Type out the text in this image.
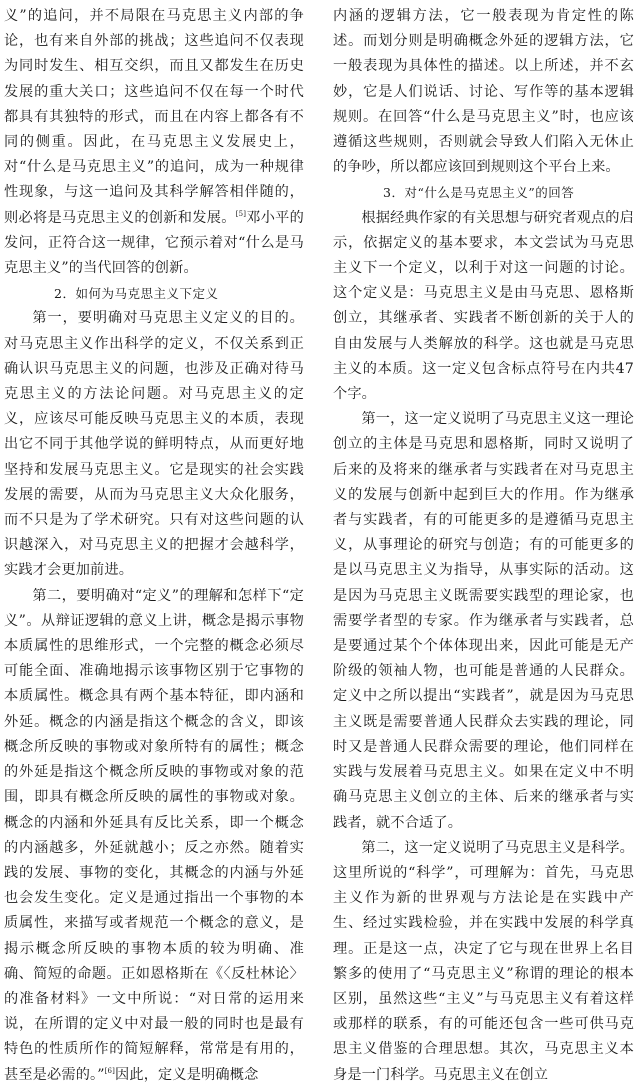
义”的追问，并不局限在马克思主义内部的争论，也有来自外部的挑战；这些追问不仅表现为同时发生、相互交织，而且又都发生在历史发展的重大关口；这些追问不仅在每一个时代都具有其独特的形式，而且在内容上都各有不同的侧重。因此，在马克思主义发展史上，对“什么是马克思主义”的追问，成为一种规律性现象，与这一追问及其科学解答相伴随的，则必将是马克思主义的创新和发展。[5]邓小平的发问，正符合这一规律，它预示着对“什么是马克思主义”的当代回答的创新。

2．如何为马克思主义下定义

第一，要明确对马克思主义定义的目的。对马克思主义作出科学的定义，不仅关系到正确认识马克思主义的问题，也涉及正确对待马克思主义的方法论问题。对马克思主义的定义，应该尽可能反映马克思主义的本质，表现出它不同于其他学说的鲜明特点，从而更好地坚持和发展马克思主义。它是现实的社会实践发展的需要，从而为马克思主义大众化服务，而不只是为了学术研究。只有对这些问题的认识越深入，对马克思主义的把握才会越科学，实践才会更加前进。

第二，要明确对“定义”的理解和怎样下“定义”。从辩证逻辑的意义上讲，概念是揭示事物本质属性的思维形式，一个完整的概念必须尽可能全面、准确地揭示该事物区别于它事物的本质属性。概念具有两个基本特征，即内涵和外延。概念的内涵是指这个概念的含义，即该概念所反映的事物或对象所特有的属性；概念的外延是指这个概念所反映的事物或对象的范围，即具有概念所反映的属性的事物或对象。概念的内涵和外延具有反比关系，即一个概念的内涵越多，外延就越小；反之亦然。随着实践的发展、事物的变化，其概念的内涵与外延也会发生变化。定义是通过指出一个事物的本质属性，来描写或者规范一个概念的意义，是揭示概念所反映的事物本质的较为明确、准确、简短的命题。正如恩格斯在《〈反杜林论〉的准备材料》一文中所说：“对日常的运用来说，在所谓的定义中对最一般的同时也是最有特色的性质所作的简短解释，常常是有用的，甚至是必需的。”[6]因此，定义是明确概念

内涵的逻辑方法，它一般表现为肯定性的陈述。而划分则是明确概念外延的逻辑方法，它一般表现为具体性的描述。以上所述，并不玄妙，它是人们说话、讨论、写作等的基本逻辑规则。在回答“什么是马克思主义”时，也应该遵循这些规则，否则就会导致人们陷入无休止的争吵，所以都应该回到规则这个平台上来。

3．对“什么是马克思主义”的回答

根据经典作家的有关思想与研究者观点的启示，依据定义的基本要求，本文尝试为马克思主义下一个定义，以利于对这一问题的讨论。这个定义是：马克思主义是由马克思、恩格斯创立，其继承者、实践者不断创新的关于人的自由发展与人类解放的科学。这也就是马克思主义的本质。这一定义包含标点符号在内共47个字。

第一，这一定义说明了马克思主义这一理论创立的主体是马克思和恩格斯，同时又说明了后来的及将来的继承者与实践者在对马克思主义的发展与创新中起到巨大的作用。作为继承者与实践者，有的可能更多的是遵循马克思主义，从事理论的研究与创造；有的可能更多的是以马克思主义为指导，从事实际的活动。这是因为马克思主义既需要实践型的理论家，也需要学者型的专家。作为继承者与实践者，总是要通过某个个体体现出来，因此可能是无产阶级的领袖人物，也可能是普通的人民群众。定义中之所以提出“实践者”，就是因为马克思主义既是需要普通人民群众去实践的理论，同时又是普通人民群众需要的理论，他们同样在实践与发展着马克思主义。如果在定义中不明确马克思主义创立的主体、后来的继承者与实践者，就不合适了。

第二，这一定义说明了马克思主义是科学。这里所说的“科学”，可理解为：首先，马克思主义作为新的世界观与方法论是在实践中产生、经过实践检验，并在实践中发展的科学真理。正是这一点，决定了它与现在世界上名目繁多的使用了“马克思主义”称谓的理论的根本区别，虽然这些“主义”与马克思主义有着这样或那样的联系，有的可能还包含一些可供马克思主义借鉴的合理思想。其次，马克思主义本身是一门科学。马克思主义在创立
